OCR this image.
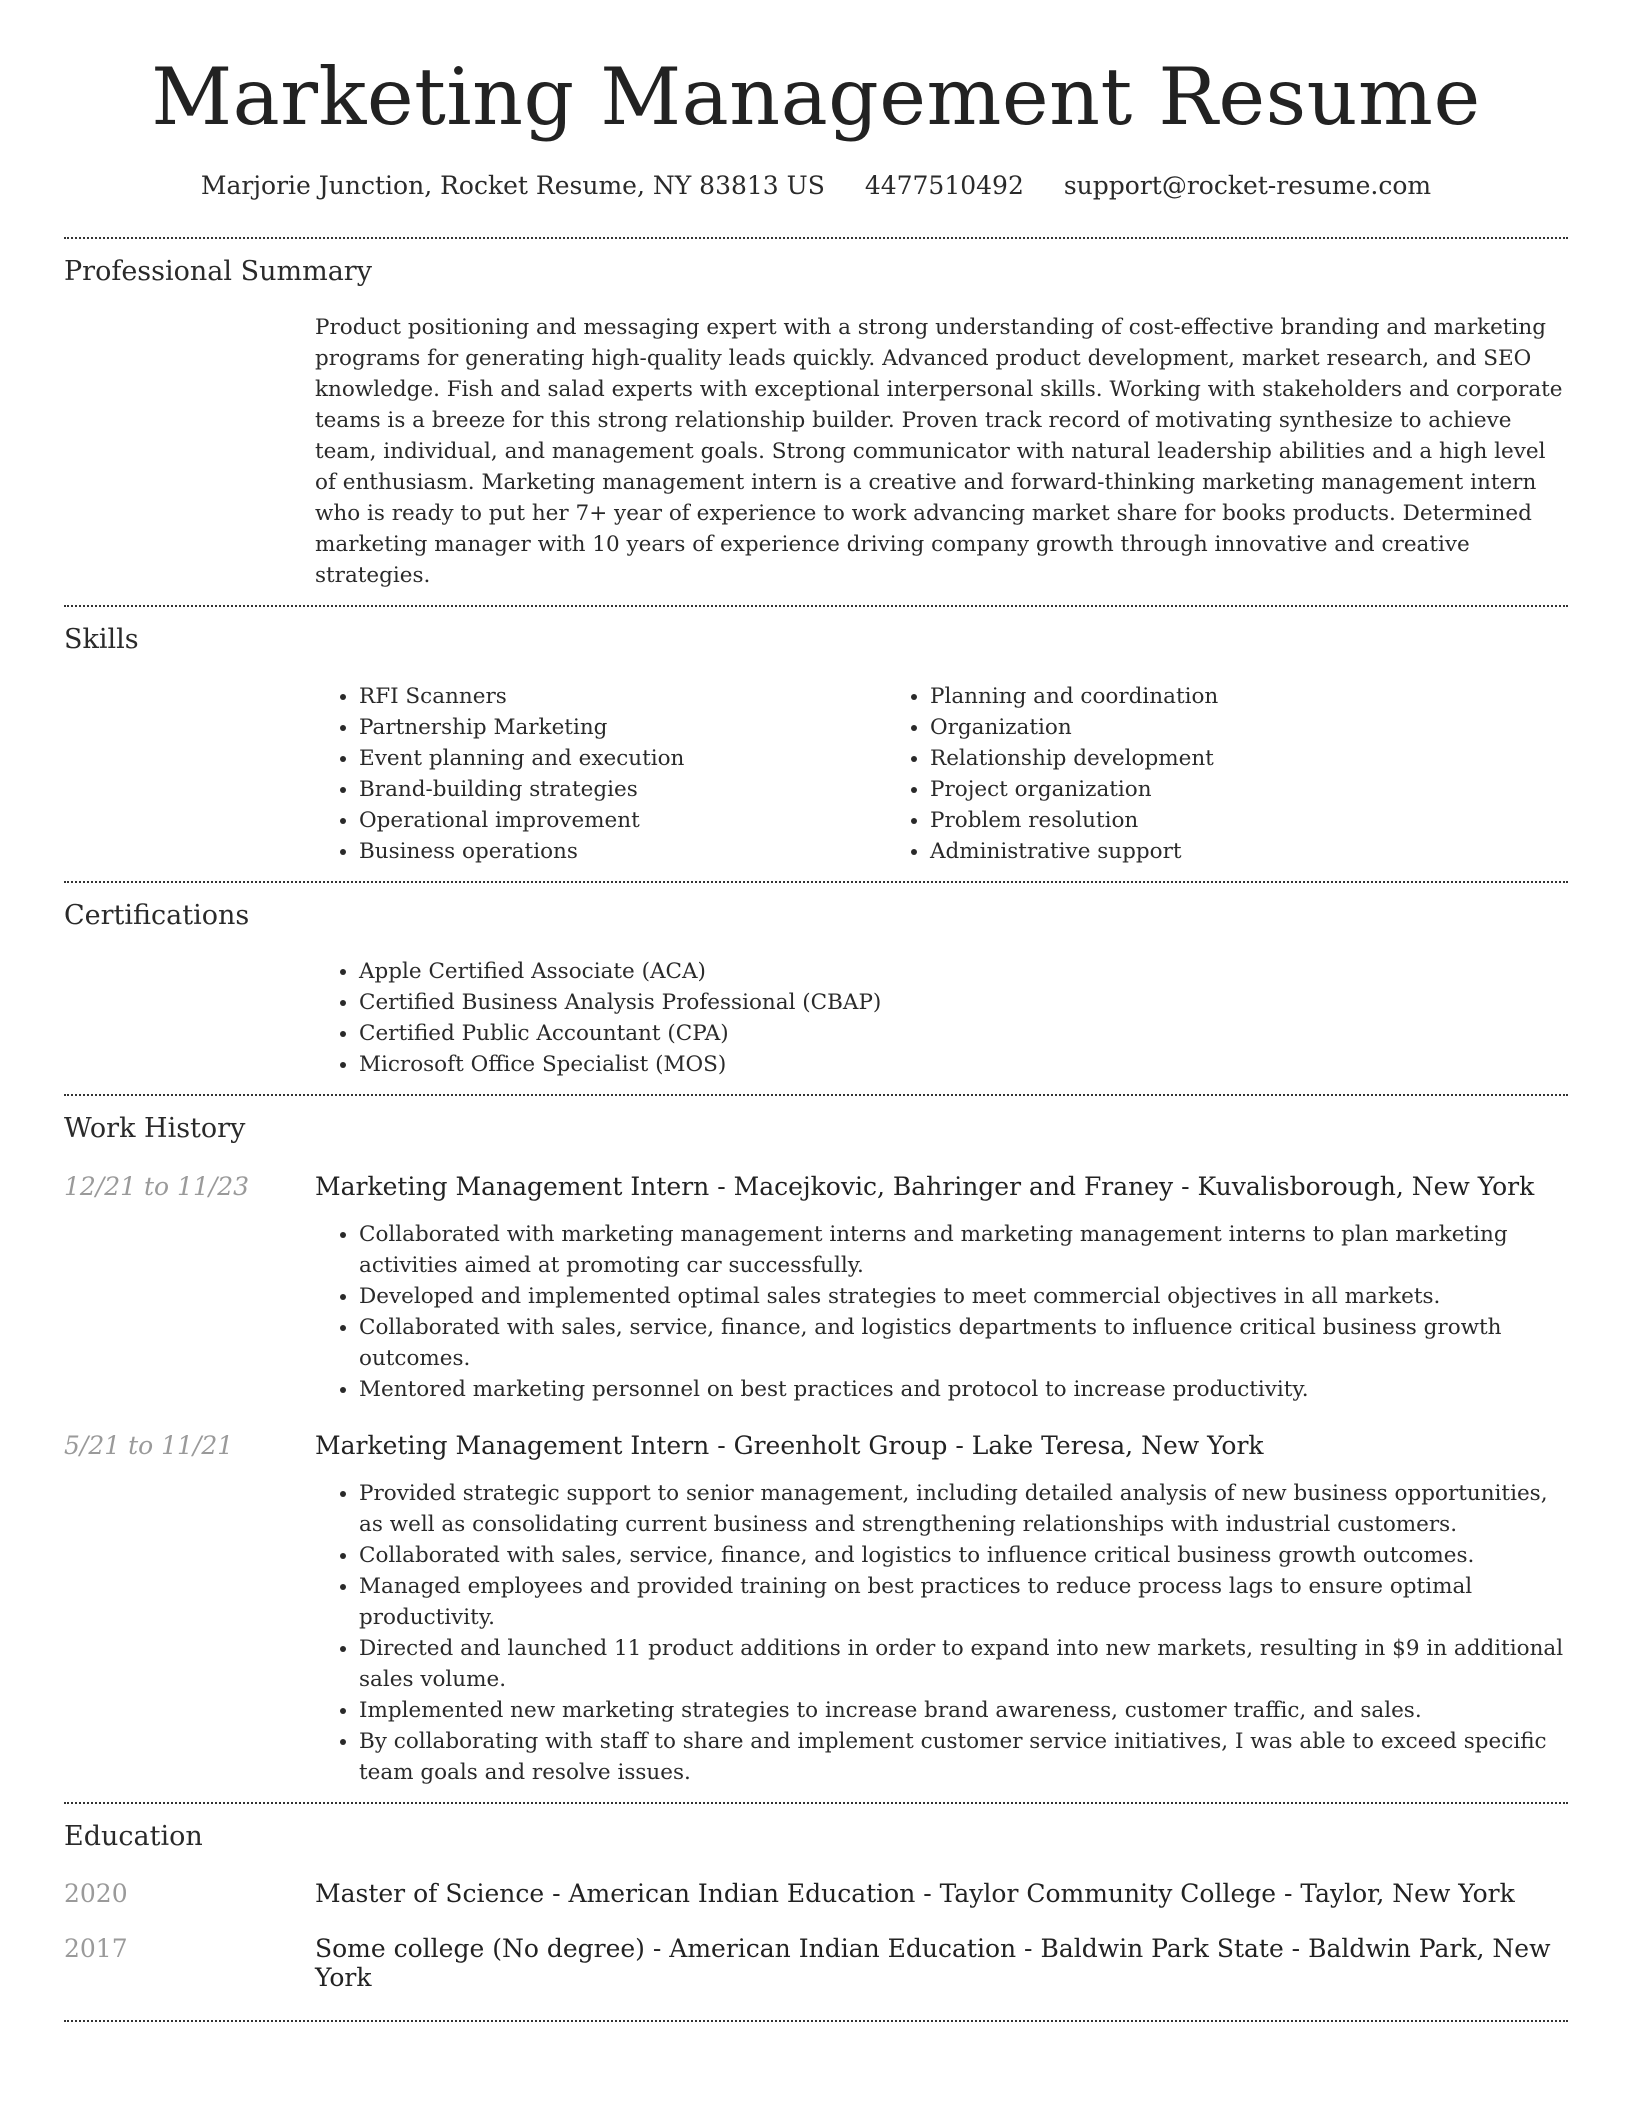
Marketing Management Resume
Marjorie Junction, Rocket Resume, NY 83813 US 4477510492 support@rocket-resume.com
Professional Summary

Product positioning and messaging expert with a strong understanding of cost-effective branding and marketing programs for generating high-quality leads quickly. Advanced product development, market research, and SEO knowledge. Fish and salad experts with exceptional interpersonal skills. Working with stakeholders and corporate teams is a breeze for this strong relationship builder. Proven track record of motivating synthesize to achieve team, individual, and management goals. Strong communicator with natural leadership abilities and a high level of enthusiasm. Marketing management intern is a creative and forward-thinking marketing management intern who is ready to put her 7+ year of experience to work advancing market share for books products. Determined marketing manager with 10 years of experience driving company growth through innovative and creative strategies.

Skills
• RFI Scanners
• Partnership Marketing
• Event planning and execution
• Brand-building strategies
• Operational improvement
• Business operations
• Planning and coordination
• Organization
• Relationship development
• Project organization
• Problem resolution
• Administrative support
Certifications
• Apple Certified Associate (ACA)
• Certified Business Analysis Professional (CBAP)
• Certified Public Accountant (CPA)
• Microsoft Office Specialist (MOS)
Work History
12/21 to 11/23	Marketing Management Intern - Macejkovic, Bahringer and Franey - Kuvalisborough, New York
• Collaborated with marketing management interns and marketing management interns to plan marketing activities aimed at promoting car successfully.
• Developed and implemented optimal sales strategies to meet commercial objectives in all markets.
• Collaborated with sales, service, finance, and logistics departments to influence critical business growth outcomes.
• Mentored marketing personnel on best practices and protocol to increase productivity.
5/21 to 11/21	Marketing Management Intern - Greenholt Group - Lake Teresa, New York
• Provided strategic support to senior management, including detailed analysis of new business opportunities, as well as consolidating current business and strengthening relationships with industrial customers.
• Collaborated with sales, service, finance, and logistics to influence critical business growth outcomes.
• Managed employees and provided training on best practices to reduce process lags to ensure optimal productivity.
• Directed and launched 11 product additions in order to expand into new markets, resulting in $9 in additional sales volume.
• Implemented new marketing strategies to increase brand awareness, customer traffic, and sales.
• By collaborating with staff to share and implement customer service initiatives, I was able to exceed specific team goals and resolve issues.
Education
2020	Master of Science - American Indian Education - Taylor Community College - Taylor, New York
2017	Some college (No degree) - American Indian Education - Baldwin Park State - Baldwin Park, New York
